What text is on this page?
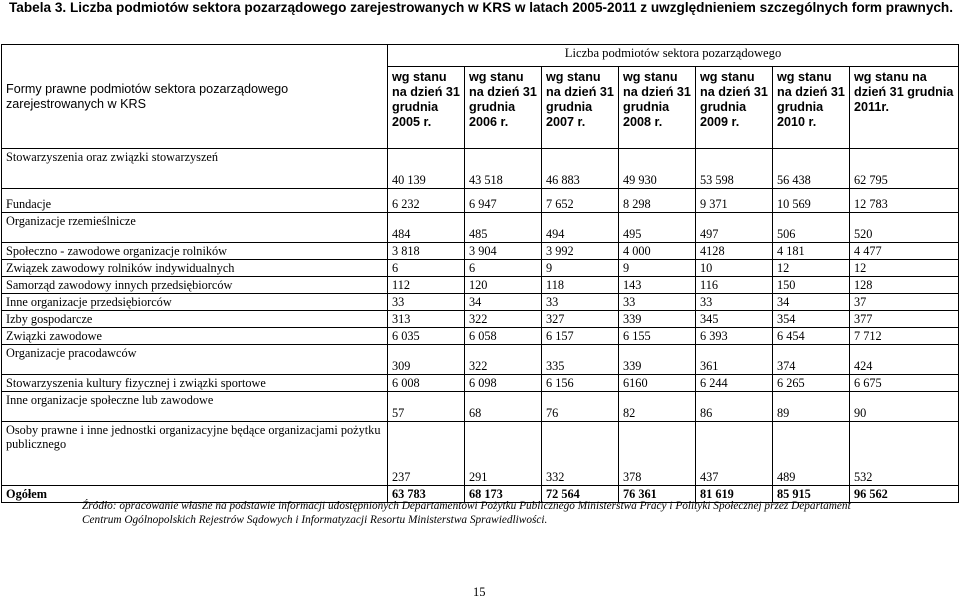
Tabela 3. Liczba podmiotów sektora pozarządowego zarejestrowanych w KRS w latach 2005-2011 z uwzględnieniem szczególnych form prawnych.

Formy prawne podmiotów sektora pozarządowego zarejestrowanych w KRS	Liczba podmiotów sektora pozarządowego						
	wg stanu na dzień 31 grudnia 2005 r.	wg stanu na dzień 31 grudnia 2006 r.	wg stanu na dzień 31 grudnia 2007 r.	wg stanu na dzień 31 grudnia 2008 r.	wg stanu na dzień 31 grudnia 2009 r.	wg stanu na dzień 31 grudnia 2010 r.	wg stanu na dzień 31 grudnia 2011r.
Stowarzyszenia oraz związki stowarzyszeń	40 139	43 518	46 883	49 930	53 598	56 438	62 795
Fundacje	6 232	6 947	7 652	8 298	9 371	10 569	12 783
Organizacje rzemieślnicze	484	485	494	495	497	506	520
Społeczno - zawodowe organizacje rolników	3 818	3 904	3 992	4 000	4128	4 181	4 477
Związek zawodowy rolników indywidualnych	6	6	9	9	10	12	12
Samorząd zawodowy innych przedsiębiorców	112	120	118	143	116	150	128
Inne organizacje przedsiębiorców	33	34	33	33	33	34	37
Izby gospodarcze	313	322	327	339	345	354	377
Związki zawodowe	6 035	6 058	6 157	6 155	6 393	6 454	7 712
Organizacje pracodawców	309	322	335	339	361	374	424
Stowarzyszenia kultury fizycznej i związki sportowe	6 008	6 098	6 156	6160	6 244	6 265	6 675
Inne organizacje społeczne lub zawodowe	57	68	76	82	86	89	90
Osoby prawne i inne jednostki organizacyjne będące organizacjami pożytku publicznego	237	291	332	378	437	489	532
Ogółem	63 783	68 173	72 564	76 361	81 619	85 915	96 562

Źródło: opracowanie własne na podstawie informacji udostępnionych Departamentowi Pożytku Publicznego Ministerstwa Pracy i Polityki Społecznej przez Departament Centrum Ogólnopolskich Rejestrów Sądowych i Informatyzacji Resortu Ministerstwa Sprawiedliwości.

15
